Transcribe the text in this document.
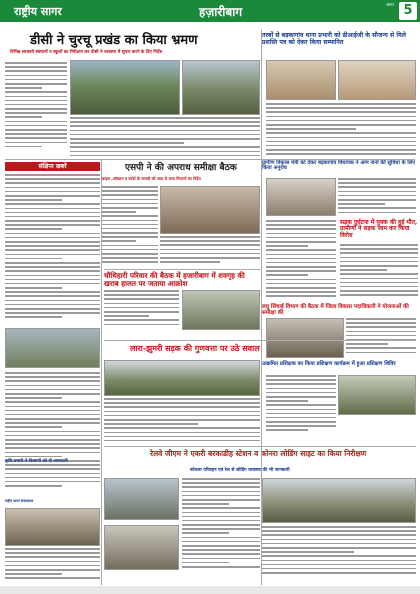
राष्ट्रीय सागर	हज़ारीबाग	सागर 5
डीसी ने चुरचू प्रखंड का किया भ्रमण
विभिन्न सरकारी संस्थानों व स्कूलों का निरीक्षण कर दीसी ने व्यवस्था में सुधार करने के दिए निर्देश
तरबों से बड़कागांव थाना प्रभारी को डीआईजी के सौजन्य से मिले प्रशस्ति पत्र को देकर किया सम्मानित
संक्षिप्त खबरें	एसपी ने की अपराध समीक्षा बैठक
क्राइम ,ऑक्शन व स्कोर्ट के मामलों को जल्द से जल्द निपटाने का निर्देश
ग्रामीण विकास मंत्री को देकर बड़कागांव विधायक ने आम जनों की सुविधा के लिए किया अनुरोध
सड़क दुर्घटना में युवक की हुई मौत, ग्रामीणों ने सड़क जाम कर किया विरोध
चौथिहारी परिवार की बैठक में हजारीबाग में शवगृह की खराब हालत पर जताया आक्रोश
लघु सिंचाई विभाग की बैठक में जिला विकास पदाधिकारी ने योजनाओं की समीक्षा की
लारा-झुमरी सड़क की गुणवत्ता पर उठे सवाल
उत्क्रमित प्रशिक्षक का किया प्रशिक्षण कार्यक्रम में हुआ प्रशिक्षण शिविर
कृषि प्रभारी ने किसानों को दी जानकारी
रेलवे जीएम ने एकरी बरकाडीह स्टेशन व कोनरा लोडिंग साइट का किया निरीक्षण
कोयला परिवहन एवं रेल से लोडिंग व्यवस्था की भी जानकारी
राष्ट्रीय सागर संवाददाता
